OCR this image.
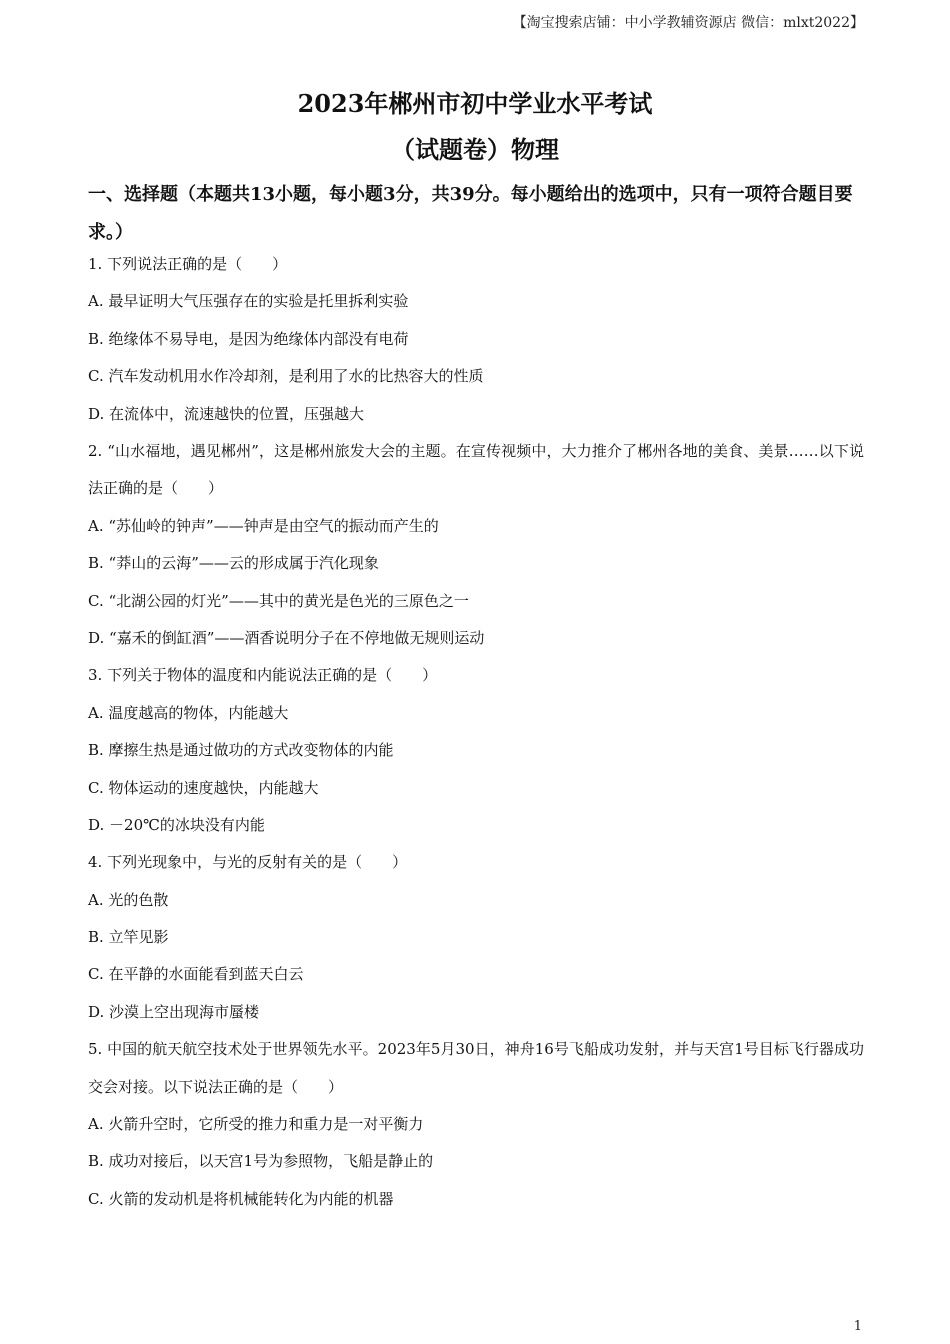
【淘宝搜索店铺：中小学教辅资源店 微信：mlxt2022】
2023年郴州市初中学业水平考试
（试题卷）物理
一、选择题（本题共13小题，每小题3分，共39分。每小题给出的选项中，只有一项符合题目要求。）
1. 下列说法正确的是（　　）
A. 最早证明大气压强存在的实验是托里拆利实验
B. 绝缘体不易导电，是因为绝缘体内部没有电荷
C. 汽车发动机用水作冷却剂，是利用了水的比热容大的性质
D. 在流体中，流速越快的位置，压强越大
2. “山水福地，遇见郴州”，这是郴州旅发大会的主题。在宣传视频中，大力推介了郴州各地的美食、美景……以下说法正确的是（　　）
A. “苏仙岭的钟声”——钟声是由空气的振动而产生的
B. “莽山的云海”——云的形成属于汽化现象
C. “北湖公园的灯光”——其中的黄光是色光的三原色之一
D. “嘉禾的倒缸酒”——酒香说明分子在不停地做无规则运动
3. 下列关于物体的温度和内能说法正确的是（　　）
A. 温度越高的物体，内能越大
B. 摩擦生热是通过做功的方式改变物体的内能
C. 物体运动的速度越快，内能越大
D. －20℃的冰块没有内能
4. 下列光现象中，与光的反射有关的是（　　）
A. 光的色散
B. 立竿见影
C. 在平静的水面能看到蓝天白云
D. 沙漠上空出现海市蜃楼
5. 中国的航天航空技术处于世界领先水平。2023年5月30日，神舟16号飞船成功发射，并与天宫1号目标飞行器成功交会对接。以下说法正确的是（　　）
A. 火箭升空时，它所受的推力和重力是一对平衡力
B. 成功对接后，以天宫1号为参照物，飞船是静止的
C. 火箭的发动机是将机械能转化为内能的机器
1
